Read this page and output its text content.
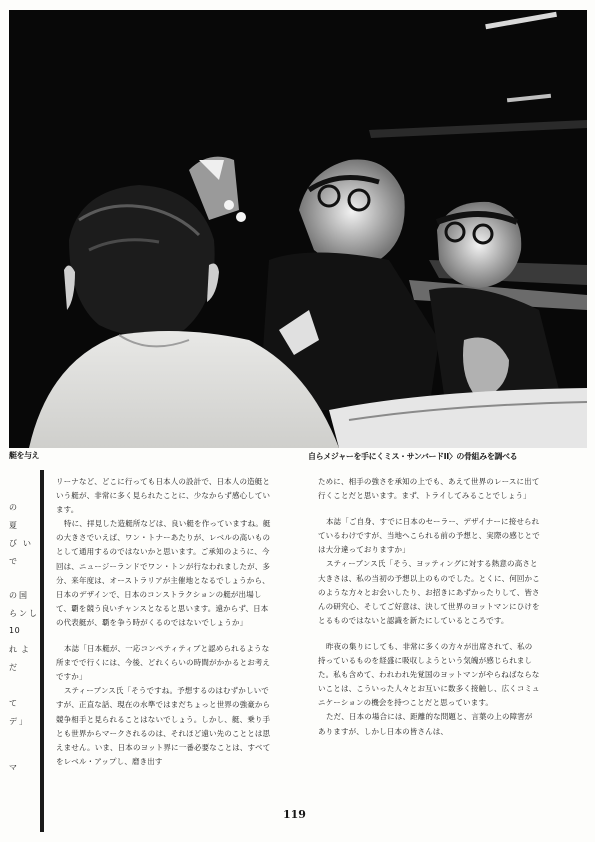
艇を与え	自らメジャーを手にくミス・サンバードII〉の骨組みを調べる
の
夏
び い
で
の 国
ら ン し
10
れ よ
だ
て
デ 」
マ

リーナなど、どこに行っても日本人の設計で、日本人の造艇という艇が、非常に多く見られたことに、少なからず感心しています。

特に、拝見した造艇所などは、良い艇を作っていますね。艇の大きさでいえば、ワン・トナーあたりが、レベルの高いものとして通用するのではないかと思います。ご承知のように、今回は、ニュージーランドでワン・トンが行なわれましたが、多分、来年度は、オーストラリアが主催地となるでしょうから、日本のデザインで、日本のコンストラクションの艇が出場して、覇を競う良いチャンスとなると思います。遠からず、日本の代表艇が、覇を争う時がくるのではないでしょうか」

本誌「日本艇が、一応コンペティティブと認められるような所までで行くには、今後、どれくらいの時間がかかるとお考えですか」

スティーブンス氏「そうですね。予想するのはむずかしいですが、正直な話、現在の水準ではまだちょっと世界の強豪から競争相手と見られることはないでしょう。しかし、艇、乗り手とも世界からマークされるのは、それほど遠い先のこととは思えません。いま、日本のヨット界に一番必要なことは、すべてをレベル・アップし、磨き出す

ために、相手の強さを承知の上でも、あえて世界のレースに出て行くことだと思います。まず、トライしてみることでしょう」

本誌「ご自身、すでに日本のセーラー、デザイナーに接せられているわけですが、当地へこられる前の予想と、実際の感じとでは大分違っておりますか」

スティーブンス氏「そう、ヨッティングに対する熱意の高さと大きさは、私の当初の予想以上のものでした。とくに、何回かこのような方々とお会いしたり、お招きにあずかったりして、皆さんの研究心、そしてご好意は、決して世界のヨットマンにひけをとるものではないと認識を新たにしているところです。

昨夜の集りにしても、非常に多くの方々が出席されて、私の持っているものを経盛に吸収しようという気魄が感じられました。私も含めて、われわれ先覚国のヨットマンがやらねばならないことは、こういった人々とお互いに数多く接触し、広くコミュニケーションの機会を持つことだと思っています。

ただ、日本の場合には、距離的な問題と、言葉の上の障害がありますが、しかし日本の皆さんは、

119
